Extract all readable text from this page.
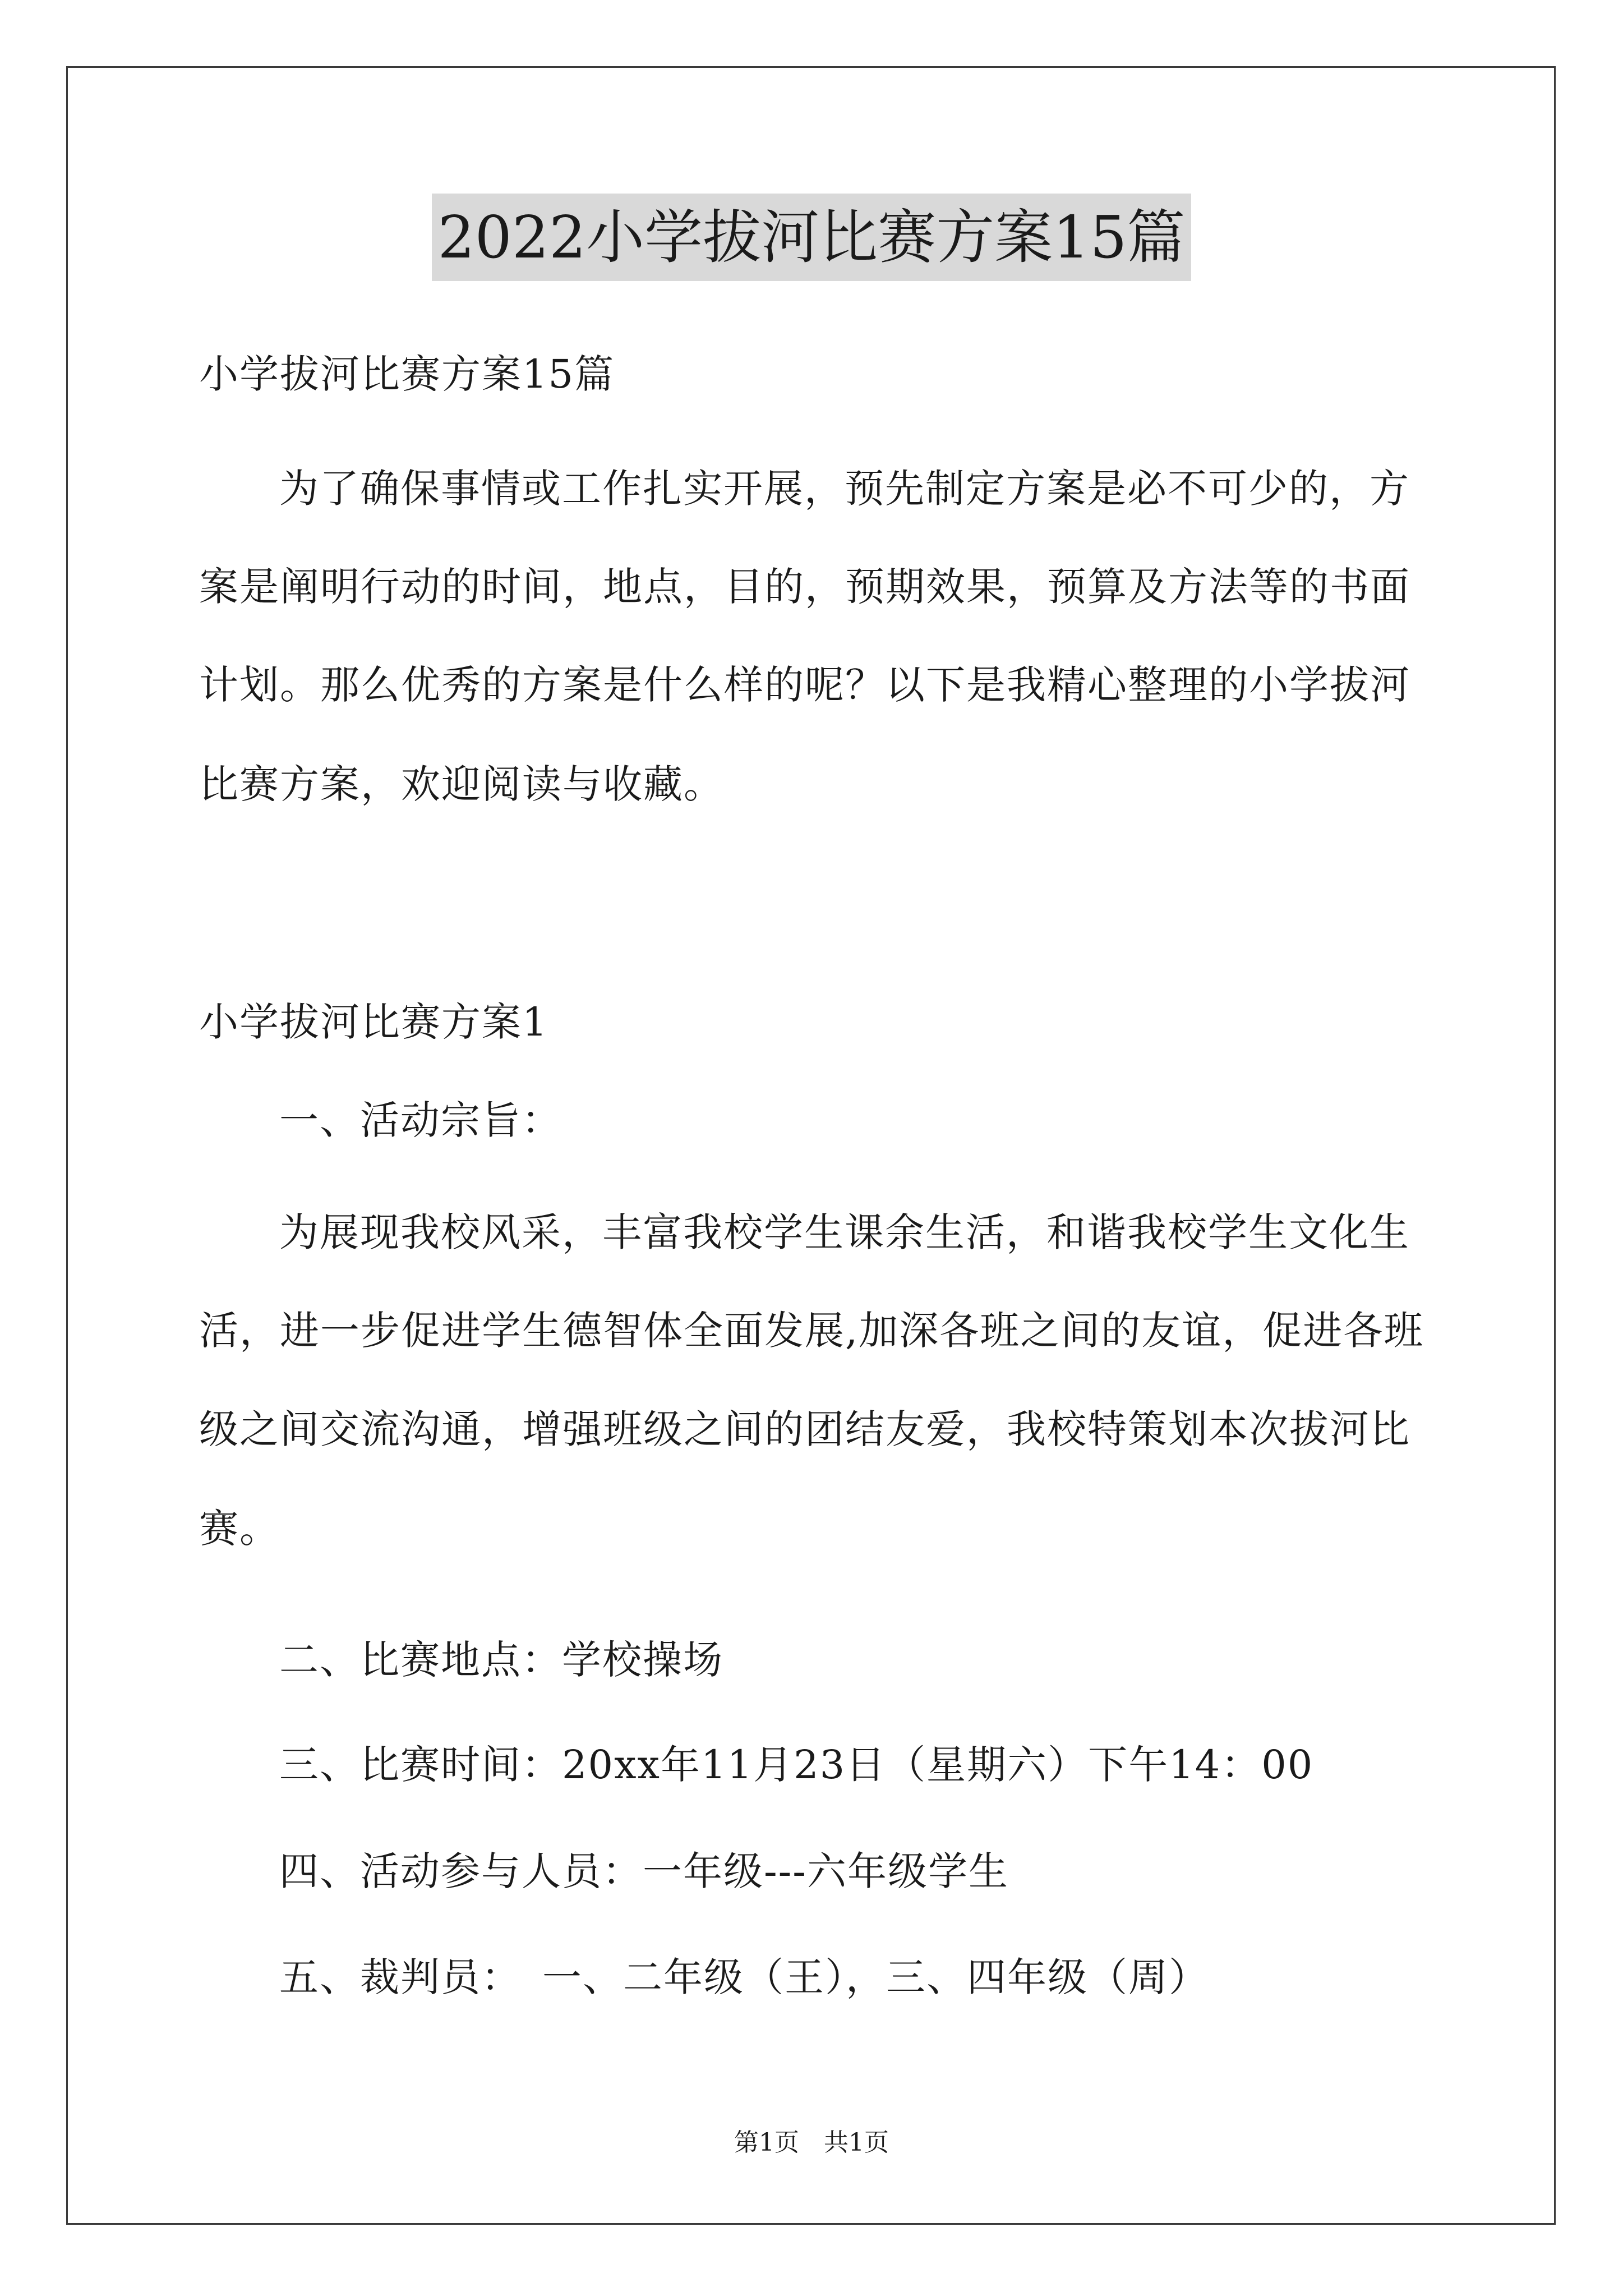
2022小学拔河比赛方案15篇
小学拔河比赛方案15篇
为了确保事情或工作扎实开展，预先制定方案是必不可少的，方
案是阐明行动的时间，地点，目的，预期效果，预算及方法等的书面
计划。那么优秀的方案是什么样的呢？以下是我精心整理的小学拔河
比赛方案，欢迎阅读与收藏。
小学拔河比赛方案1
一、活动宗旨：
为展现我校风采，丰富我校学生课余生活，和谐我校学生文化生
活，进一步促进学生德智体全面发展,加深各班之间的友谊，促进各班
级之间交流沟通，增强班级之间的团结友爱，我校特策划本次拔河比
赛。
二、比赛地点：学校操场
三、比赛时间：20xx年11月23日（星期六）下午14：00
四、活动参与人员：一年级---六年级学生
五、裁判员：　一、二年级（王），三、四年级（周）
第1页　共1页
